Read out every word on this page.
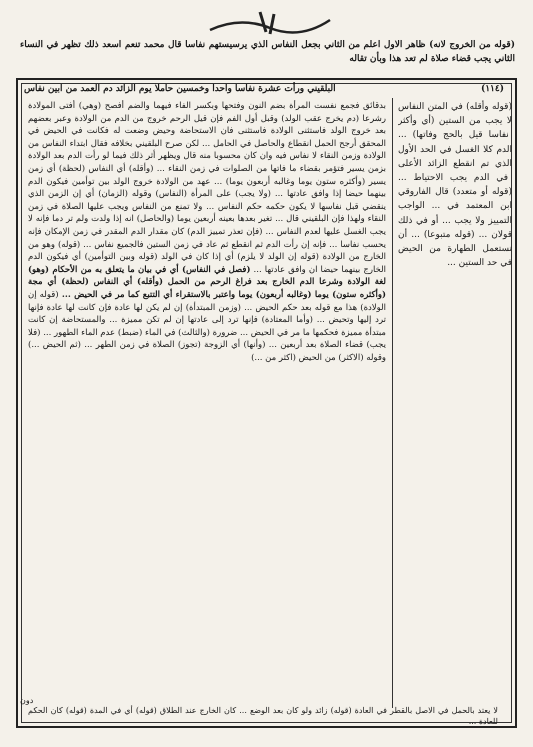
(قوله من الخروج لانه) ظاهر الاول اعلم من الثاني بجعل النفاس الذي يرسيستهم نفاسا قال محمد تنعم اسعد ذلك تظهر في النساء الثاني يجب قضاء صلاة لم تعد هذا وبأن تقاله
(١١٤)
البلقيني ورأت عشرة نفاسا واحدا وخمسين حاملا يوم الزائد دم العمد من ابين نفاس
بدقائق فجمع نفست المرأة بضم النون وفتحها وبكسر الفاء فيهما والضم أفصح (وهي) أفتى المولادة رشرعا (دم يخرج عقب الولد) وقبل أول الفم فإن قيل الرحم خروج من الدم من الولادة وعبر بعضهم بعد خروج الولد فاستثنى الولادة فاستثنى فان الاستحاضة وحيض وضعت له فكانت في الحيض في المحقق أرجح الحمل انقطاع والحاصل في الحامل ... لكن صرح البلقيني بخلافه فقال ابتداء النفاس من الولادة وزمن النقاء لا نفاس فيه وان كان محسوبا منه قال ويظهر أثر ذلك فيما لو رأت الدم بعد الولادة بزمن يسير فتؤمر بقضاء ما فاتها من الصلوات في زمن النقاء ... (وأقله) أي النفاس (لحظة) أي زمن يسير (وأكثره ستون يوما وغالبه أربعون يوما) ... عهد من الولادة خروج الولد بين توأمين فيكون الدم بينهما حيضا إذا وافق عادتها ... (ولا يجب) على المرأة (النفاس) وقوله (الزمان) أي إن الزمن الذي ينقضي قبل نفاسها لا يكون حكمه حكم النفاس ... ولا تمنع من النفاس ويجب عليها الصلاة في زمن النقاء ولهذا فإن البلقيني قال ... تغير بعدها بعينه أربعين يوما (والحاصل) انه إذا ولدت ولم تر دما فإنه لا يجب الغسل عليها لعدم النفاس ... (فإن تعذر تمييز الدم) كان مقدار الدم المقدر في زمن الإمكان فإنه يحسب نفاسا ... فإنه إن رأت الدم ثم انقطع ثم عاد في زمن الستين فالجميع نفاس ... (قوله) وهو من الخارج من الولادة (قوله إن الولد لا يلزم) أي إذا كان في الولد (قوله وبين التوأمين) أي فيكون الدم الخارج بينهما حيضا ان وافق عادتها ... (فصل في النفاس) أي في بيان ما يتعلق به من الأحكام (وهو) لغة الولادة وشرعا الدم الخارج بعد فراغ الرحم من الحمل (وأقله) أي النفاس (لحظة) أي مجة (وأكثره ستون) يوما (وغالبه أربعون) يوما واعتبر بالاستقراء أي التتبع كما مر في الحيض ... (قوله إن الولادة) هذا مع قوله بعد حكم الحيض ... (وزمن المبتدأة) إن لم يكن لها عادة فإن كانت لها عادة فإنها ترد إليها وتحيض ... (وأما المعتادة) فإنها ترد إلى عادتها إن لم تكن مميزة ... والمستحاضة إن كانت مبتدأة مميزة فحكمها ما مر في الحيض ... ضرورة (والثالث) في الماء (ضبط) عدم الماء الطهور ... (فلا يجب) قضاء الصلاة بعد أربعين ... (وأنها) أي الزوجة (تجوز) الصلاة في زمن الطهر ... (ثم الحيض ...) وقوله (الاكثر) من الحيض (اكثر من ...)
(قوله وأقله) في المتن النفاس لا يجب من الستين (أي وأكثر نفاسا قيل بالحج وفاتها) ... الدم كلا الغسل في الحد الأول الذي تم انقطع الزائد الأعلى في الدم يجب الاحتياط ... (قوله أو متعدد) قال الفاروقي ابن المعتمد في ... الواجب التمييز ولا يجب ... أو في ذلك قولان ... (قوله متبوعا) ... أن تستعمل الطهارة من الحيض في حد الستين ...
دون
لا يعتد بالحمل في الاصل بالقطر في العادة (قوله) زائد ولو كان بعد الوضع ... كان الخارج عند الطلاق (قوله) أي في المدة (قوله) كان الحكم للعادة ...
